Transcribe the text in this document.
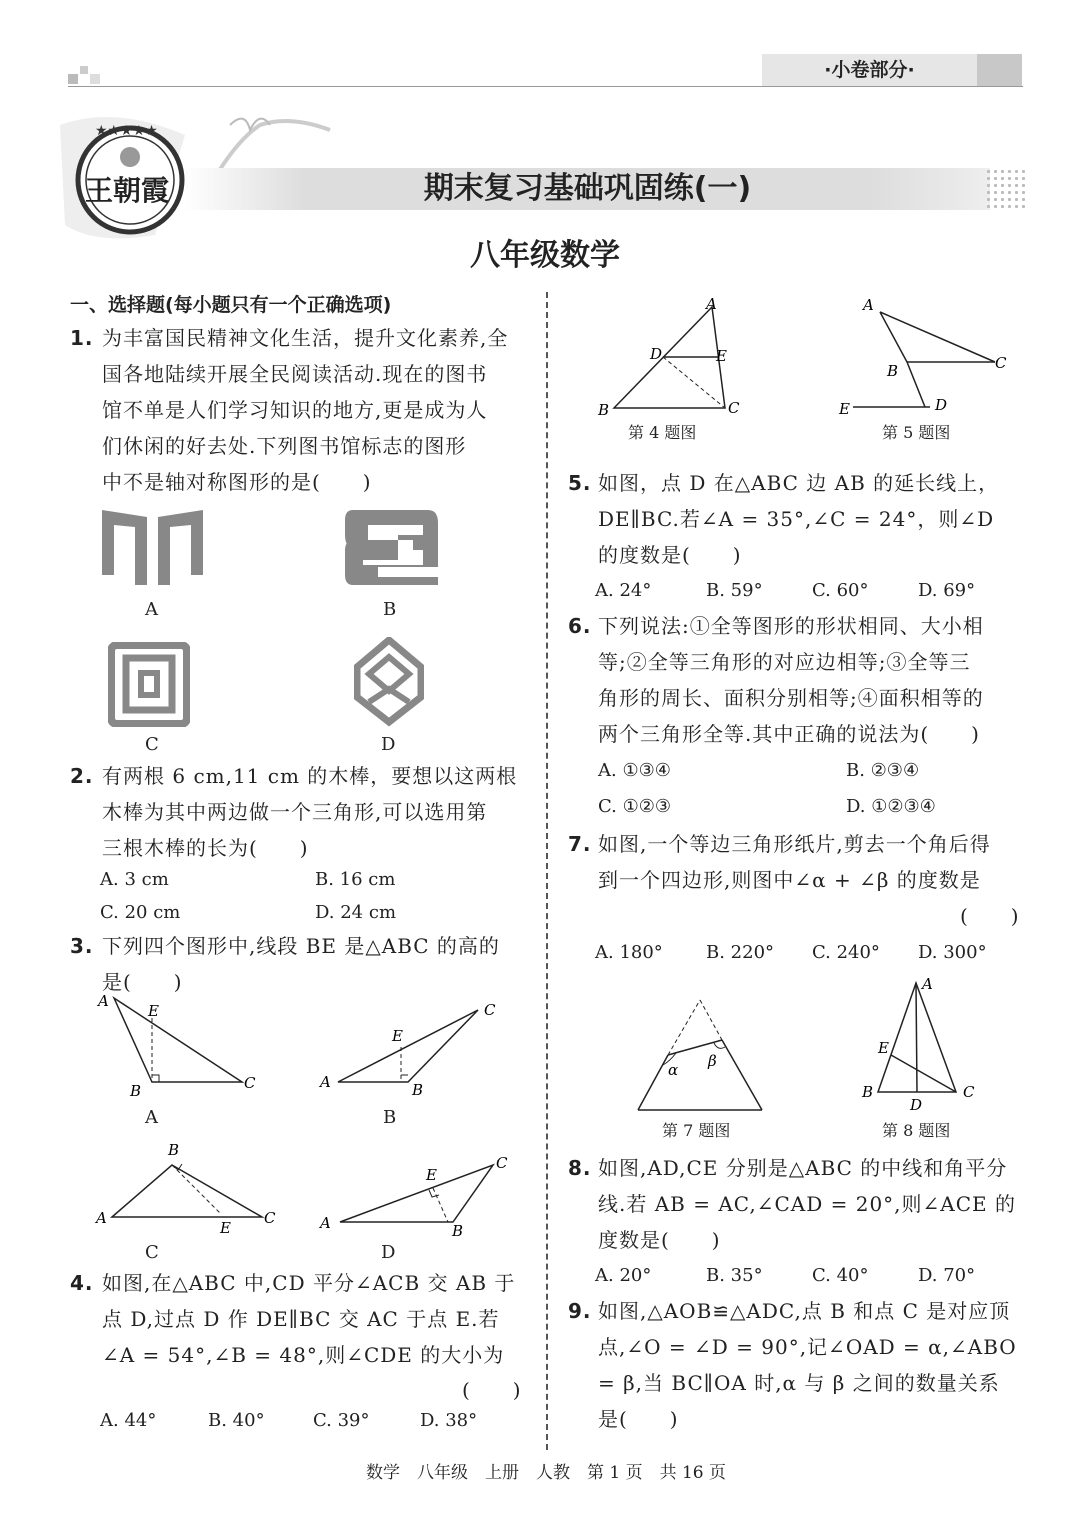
·小卷部分·
★★★★★
王朝霞	期末复习基础巩固练(一)
八年级数学
一、选择题(每小题只有一个正确选项)
1. 为丰富国民精神文化生活，提升文化素养,全
国各地陆续开展全民阅读活动.现在的图书
馆不单是人们学习知识的地方,更是成为人
们休闲的好去处.下列图书馆标志的图形
中不是轴对称图形的是(　　)
A	B
C	D
2. 有两根 6 cm,11 cm 的木棒，要想以这两根
木棒为其中两边做一个三角形,可以选用第
三根木棒的长为(　　)
A. 3 cm	B. 16 cm
C. 20 cm	D. 24 cm
3. 下列四个图形中,线段 BE 是△ABC 的高的
是(　　)
A
E
B	C
A
A
E
B
C
B
A
B
E
C
C
A
E
B
C
D
4. 如图,在△ABC 中,CD 平分∠ACB 交 AB 于
点 D,过点 D 作 DE∥BC 交 AC 于点 E.若
∠A = 54°,∠B = 48°,则∠CDE 的大小为
(　　)
A. 44°	B. 40°	C. 39°	D. 38°
A
D	E
B	C
第 4 题图
A
B	C
D
E
第 5 题图
5. 如图，点 D 在△ABC 边 AB 的延长线上，
DE∥BC.若∠A = 35°,∠C = 24°，则∠D
的度数是(　　)
A. 24°	B. 59°	C. 60°	D. 69°
6. 下列说法:①全等图形的形状相同、大小相
等;②全等三角形的对应边相等;③全等三
角形的周长、面积分别相等;④面积相等的
两个三角形全等.其中正确的说法为(　　)
A. ①③④	B. ②③④
C. ①②③	D. ①②③④
7. 如图,一个等边三角形纸片,剪去一个角后得
到一个四边形,则图中∠α + ∠β 的度数是
(　　)
A. 180° B. 220° C. 240° D. 300°
α β
第 7 题图
A
E
B	C
D
第 8 题图
8. 如图,AD,CE 分别是△ABC 的中线和角平分
线.若 AB = AC,∠CAD = 20°,则∠ACE 的
度数是(　　)
A. 20°	B. 35°	C. 40°	D. 70°
9. 如图,△AOB≌△ADC,点 B 和点 C 是对应顶
点,∠O = ∠D = 90°,记∠OAD = α,∠ABO
= β,当 BC∥OA 时,α 与 β 之间的数量关系
是(　　)
数学　八年级　上册　人教　第 1 页　共 16 页
